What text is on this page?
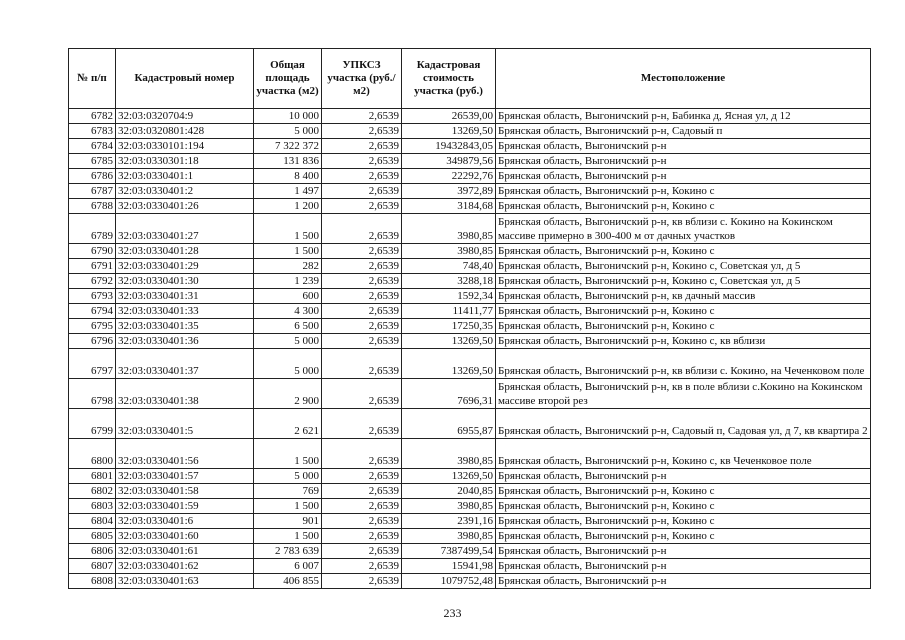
№ п/п	Кадастровый номер	Общая площадь участка (м2)	УПКСЗ участка (руб./м2)	Кадастровая стоимость участка (руб.)	Местоположение
6782	32:03:0320704:9	10 000	2,6539	26539,00	Брянская область, Выгоничский р-н, Бабинка д, Ясная ул, д 12
6783	32:03:0320801:428	5 000	2,6539	13269,50	Брянская область, Выгоничский р-н, Садовый п
6784	32:03:0330101:194	7 322 372	2,6539	19432843,05	Брянская область, Выгоничский р-н
6785	32:03:0330301:18	131 836	2,6539	349879,56	Брянская область, Выгоничский р-н
6786	32:03:0330401:1	8 400	2,6539	22292,76	Брянская область, Выгоничский р-н
6787	32:03:0330401:2	1 497	2,6539	3972,89	Брянская область, Выгоничский р-н, Кокино с
6788	32:03:0330401:26	1 200	2,6539	3184,68	Брянская область, Выгоничский р-н, Кокино с
6789	32:03:0330401:27	1 500	2,6539	3980,85	Брянская область, Выгоничский р-н, кв вблизи с. Кокино на Кокинском массиве примерно в 300-400 м от дачных участков
6790	32:03:0330401:28	1 500	2,6539	3980,85	Брянская область, Выгоничский р-н, Кокино с
6791	32:03:0330401:29	282	2,6539	748,40	Брянская область, Выгоничский р-н, Кокино с, Советская ул, д 5
6792	32:03:0330401:30	1 239	2,6539	3288,18	Брянская область, Выгоничский р-н, Кокино с, Советская ул, д 5
6793	32:03:0330401:31	600	2,6539	1592,34	Брянская область, Выгоничский р-н, кв дачный массив
6794	32:03:0330401:33	4 300	2,6539	11411,77	Брянская область, Выгоничский р-н, Кокино с
6795	32:03:0330401:35	6 500	2,6539	17250,35	Брянская область, Выгоничский р-н, Кокино с
6796	32:03:0330401:36	5 000	2,6539	13269,50	Брянская область, Выгоничский р-н, Кокино с, кв вблизи
6797	32:03:0330401:37	5 000	2,6539	13269,50	Брянская область, Выгоничский р-н, кв вблизи с. Кокино, на Чеченковом поле
6798	32:03:0330401:38	2 900	2,6539	7696,31	Брянская область, Выгоничский р-н, кв в поле вблизи с.Кокино на Кокинском массиве второй рез
6799	32:03:0330401:5	2 621	2,6539	6955,87	Брянская область, Выгоничский р-н, Садовый п, Садовая ул, д 7, кв квартира 2
6800	32:03:0330401:56	1 500	2,6539	3980,85	Брянская область, Выгоничский р-н, Кокино с, кв Чеченковое поле
6801	32:03:0330401:57	5 000	2,6539	13269,50	Брянская область, Выгоничский р-н
6802	32:03:0330401:58	769	2,6539	2040,85	Брянская область, Выгоничский р-н, Кокино с
6803	32:03:0330401:59	1 500	2,6539	3980,85	Брянская область, Выгоничский р-н, Кокино с
6804	32:03:0330401:6	901	2,6539	2391,16	Брянская область, Выгоничский р-н, Кокино с
6805	32:03:0330401:60	1 500	2,6539	3980,85	Брянская область, Выгоничский р-н, Кокино с
6806	32:03:0330401:61	2 783 639	2,6539	7387499,54	Брянская область, Выгоничский р-н
6807	32:03:0330401:62	6 007	2,6539	15941,98	Брянская область, Выгоничский р-н
6808	32:03:0330401:63	406 855	2,6539	1079752,48	Брянская область, Выгоничский р-н
233
